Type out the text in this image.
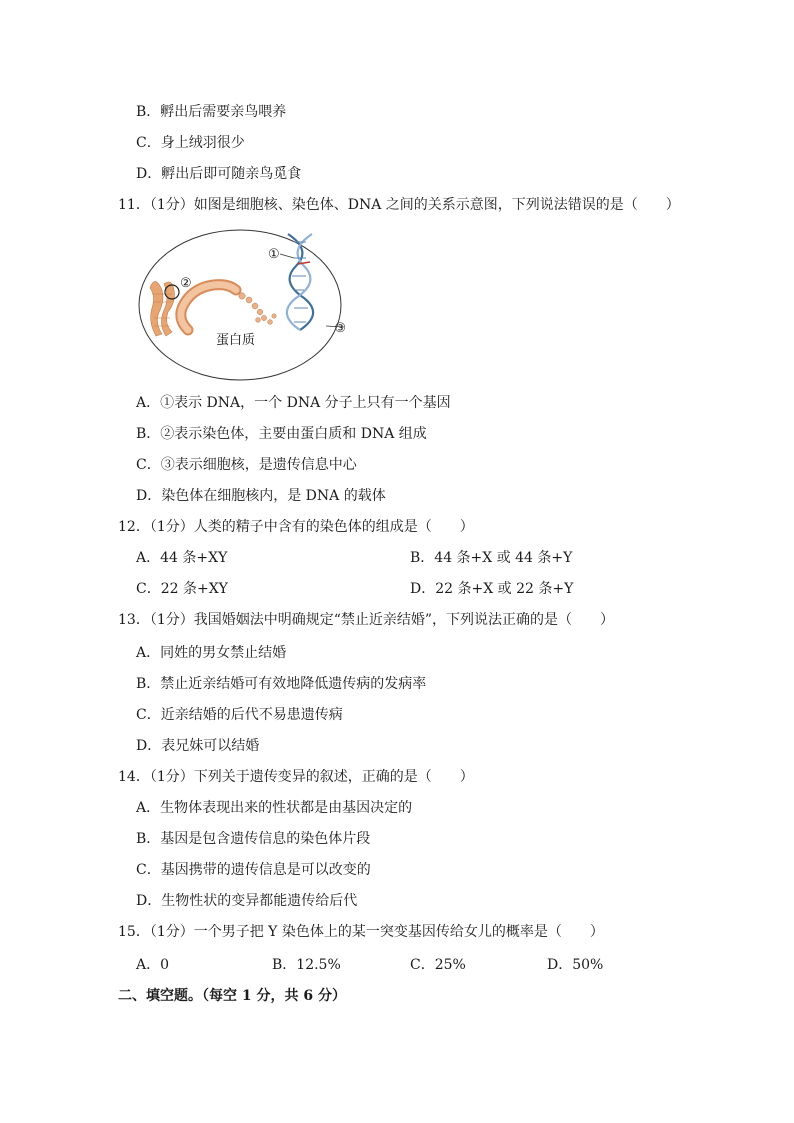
B．孵出后需要亲鸟喂养
C．身上绒羽很少
D．孵出后即可随亲鸟觅食
11．（1分）如图是细胞核、染色体、DNA 之间的关系示意图，下列说法错误的是（　　）
②
①
③
蛋白质
A．①表示 DNA，一个 DNA 分子上只有一个基因
B．②表示染色体，主要由蛋白质和 DNA 组成
C．③表示细胞核，是遗传信息中心
D．染色体在细胞核内，是 DNA 的载体
12．（1分）人类的精子中含有的染色体的组成是（　　）
A．44 条+XY	B．44 条+X 或 44 条+Y
C．22 条+XY	D．22 条+X 或 22 条+Y
13．（1分）我国婚姻法中明确规定“禁止近亲结婚”，下列说法正确的是（　　）
A．同姓的男女禁止结婚
B．禁止近亲结婚可有效地降低遗传病的发病率
C．近亲结婚的后代不易患遗传病
D．表兄妹可以结婚
14．（1分）下列关于遗传变异的叙述，正确的是（　　）
A．生物体表现出来的性状都是由基因决定的
B．基因是包含遗传信息的染色体片段
C．基因携带的遗传信息是可以改变的
D．生物性状的变异都能遗传给后代
15．（1分）一个男子把 Y 染色体上的某一突变基因传给女儿的概率是（　　）
A．0	B．12.5%	C．25%	D．50%
二、填空题。（每空 1 分，共 6 分）
